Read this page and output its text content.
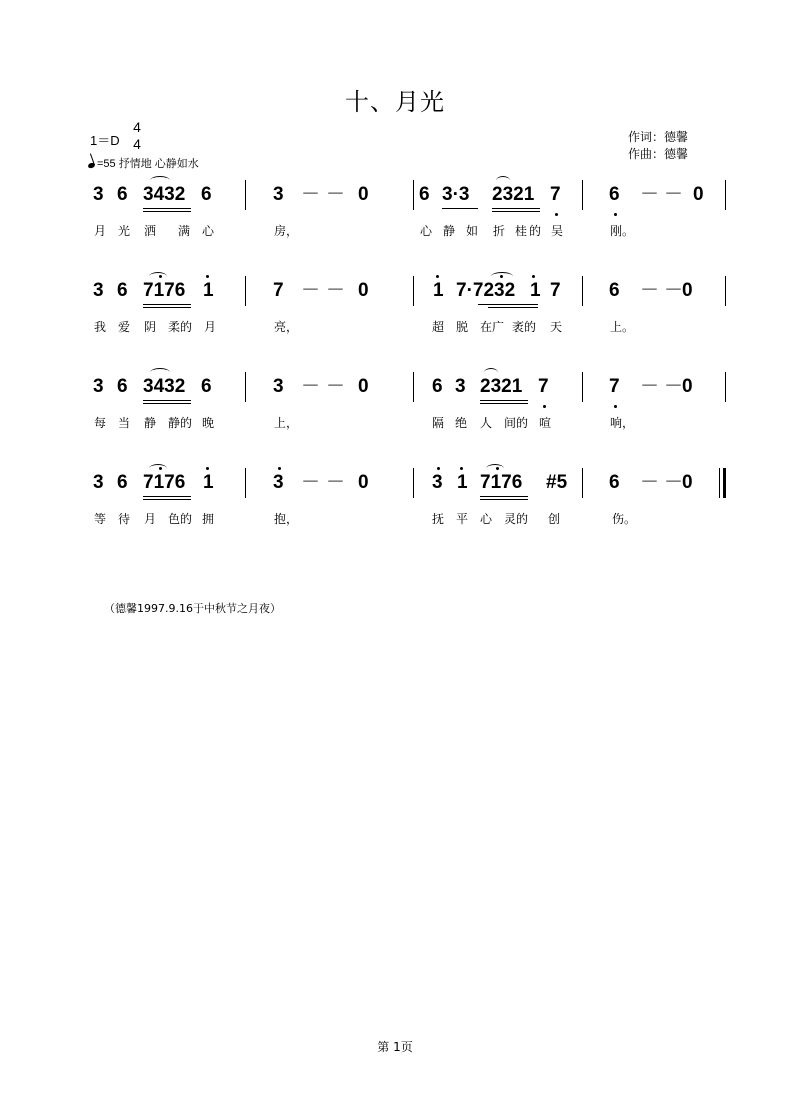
十、月光
1＝D
4
4
=55 抒情地 心静如水
作词：德馨
作曲：德馨
3 6 3432 6	3 － － 0	6 3·3 2321 7	6 － － 0
月 光 洒 满 心	房，	心 静 如 折 桂 的 吴	刚。
3 6 7176 1	7 － － 0	1 7·7232 1 7	6 － －
0
我 爱 阴 柔的 月	亮，	超 脱 在广 袤的 天	上。
3 6 3432 6	3 － － 0	6 3 2321 7	7 － －
0
每 当 静 静的 晚	上，	隔 绝 人 间的 喧	响，
3 6 7176 1	3 － － 0	3 1 7176 #5 6 － －
0
等 待 月 色的 拥	抱，	抚 平 心 灵的 创	伤。
（德馨1997.9.16于中秋节之月夜）
第 1页
